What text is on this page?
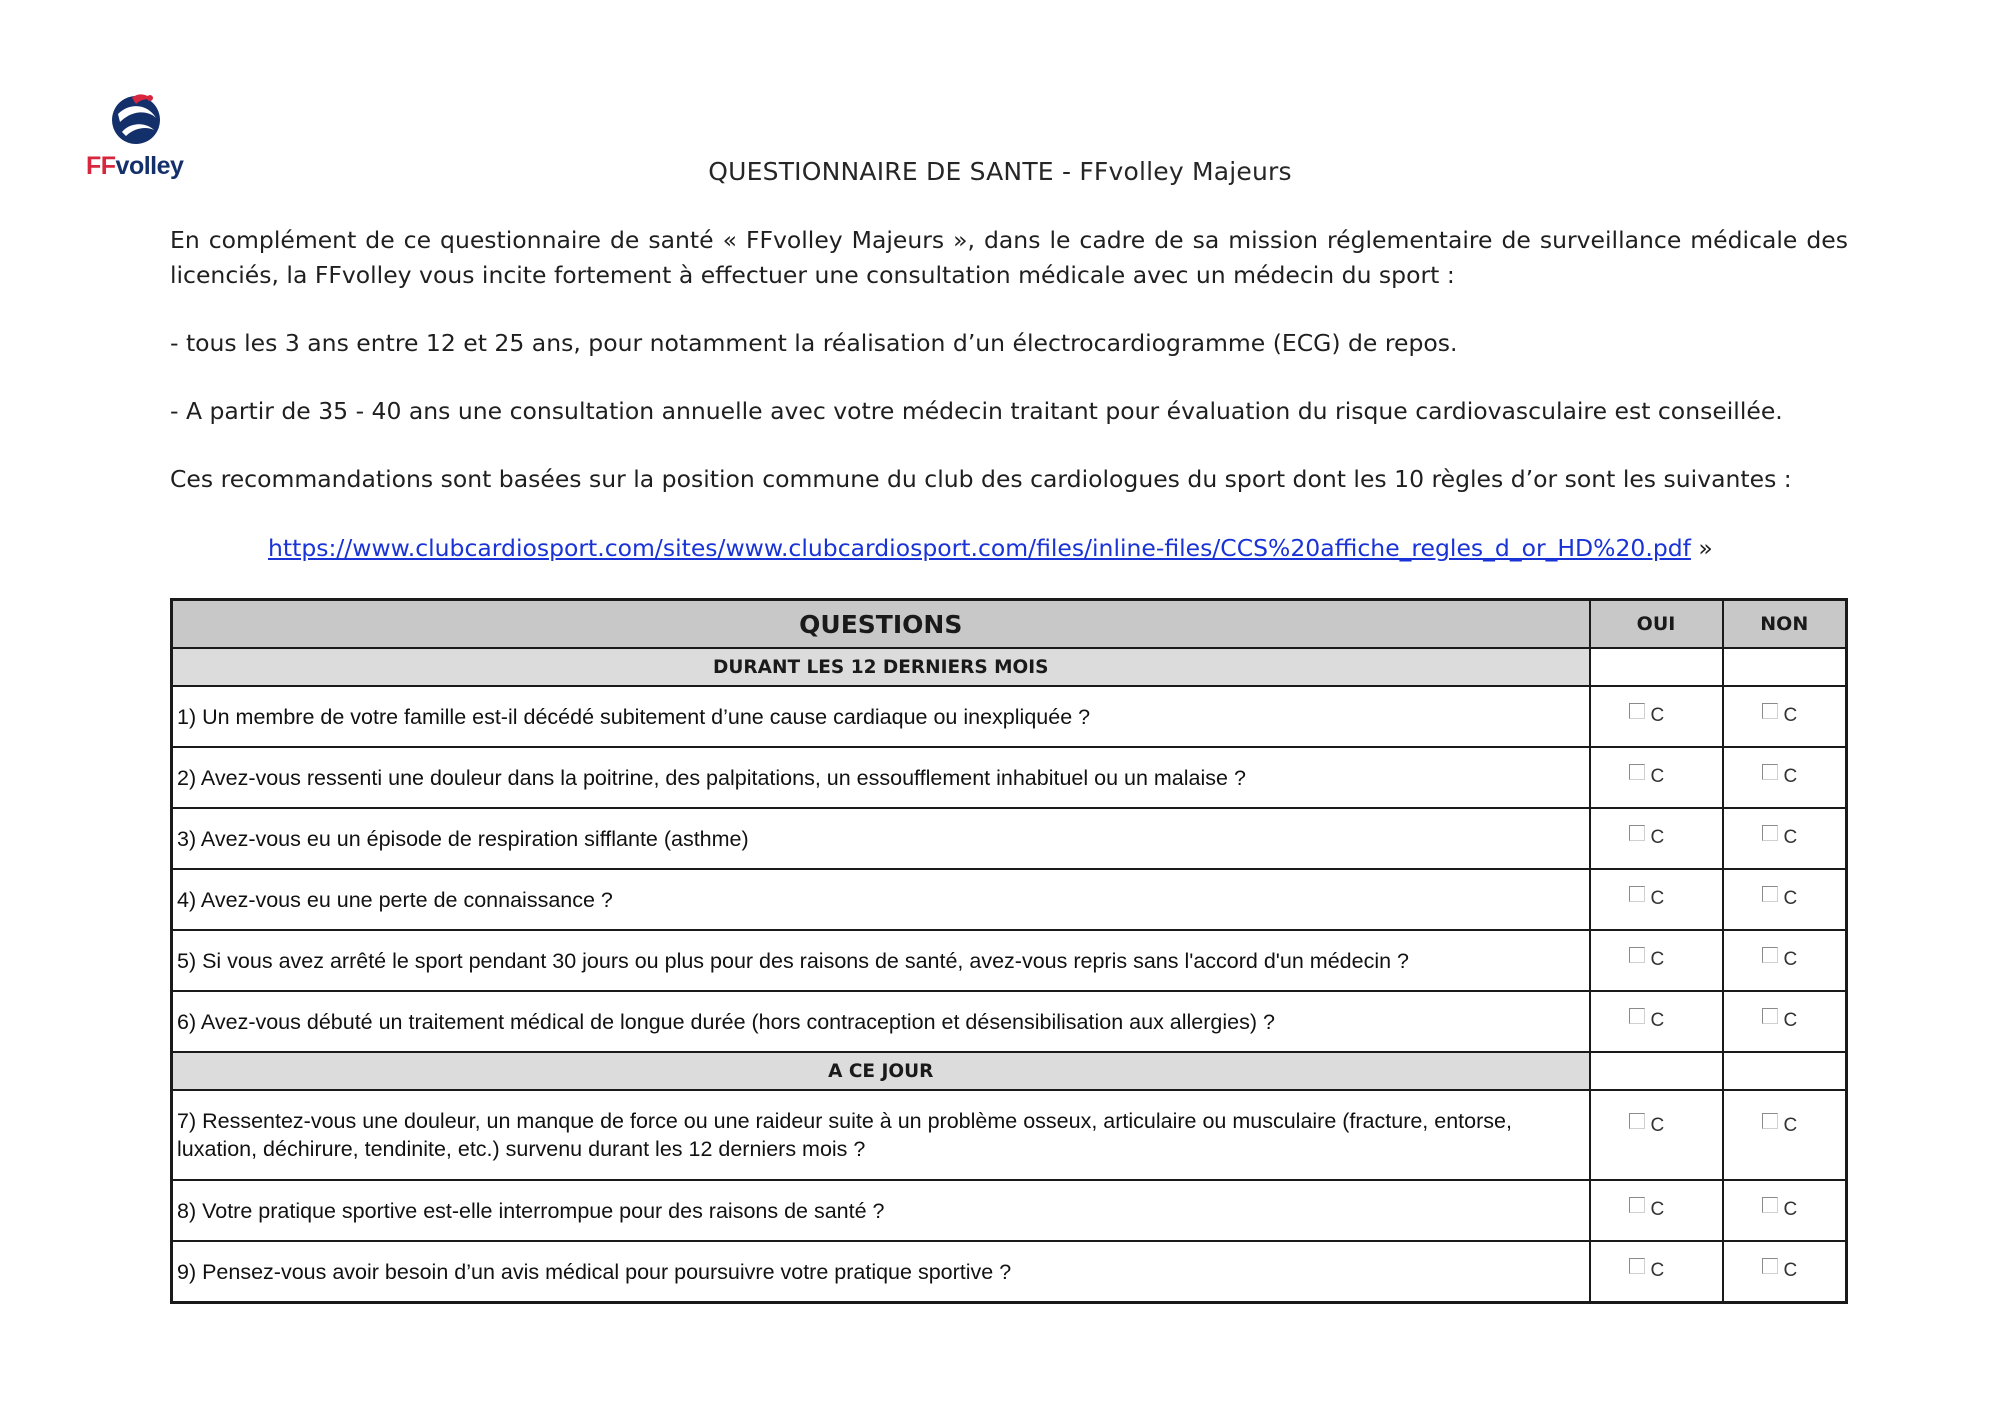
FFvolley	QUESTIONNAIRE DE SANTE - FFvolley Majeurs

En complément de ce questionnaire de santé « FFvolley Majeurs », dans le cadre de sa mission réglementaire de surveillance médicale des licenciés, la FFvolley vous incite fortement à effectuer une consultation médicale avec un médecin du sport :

- tous les 3 ans entre 12 et 25 ans, pour notamment la réalisation d’un électrocardiogramme (ECG) de repos.

- A partir de 35 - 40 ans une consultation annuelle avec votre médecin traitant pour évaluation du risque cardiovasculaire est conseillée.

Ces recommandations sont basées sur la position commune du club des cardiologues du sport dont les 10 règles d’or sont les suivantes :

https://www.clubcardiosport.com/sites/www.clubcardiosport.com/files/inline-files/CCS%20affiche_regles_d_or_HD%20.pdf »
QUESTIONS	OUI	NON
DURANT LES 12 DERNIERS MOIS		
1) Un membre de votre famille est-il décédé subitement d’une cause cardiaque ou inexpliquée ?	C	C

2) Avez-vous ressenti une douleur dans la poitrine, des palpitations, un essoufflement inhabituel ou un malaise ?	C	C

3) Avez-vous eu un épisode de respiration sifflante (asthme)	C	C

4) Avez-vous eu une perte de connaissance ?	C	C

5) Si vous avez arrêté le sport pendant 30 jours ou plus pour des raisons de santé, avez-vous repris sans l'accord d'un médecin ?	C	C

6) Avez-vous débuté un traitement médical de longue durée (hors contraception et désensibilisation aux allergies) ?	C	C

A CE JOUR		
7) Ressentez-vous une douleur, un manque de force ou une raideur suite à un problème osseux, articulaire ou musculaire (fracture, entorse, luxation, déchirure, tendinite, etc.) survenu durant les 12 derniers mois ?	C	C

8) Votre pratique sportive est-elle interrompue pour des raisons de santé ?	C	C

9) Pensez-vous avoir besoin d’un avis médical pour poursuivre votre pratique sportive ?	C	C
